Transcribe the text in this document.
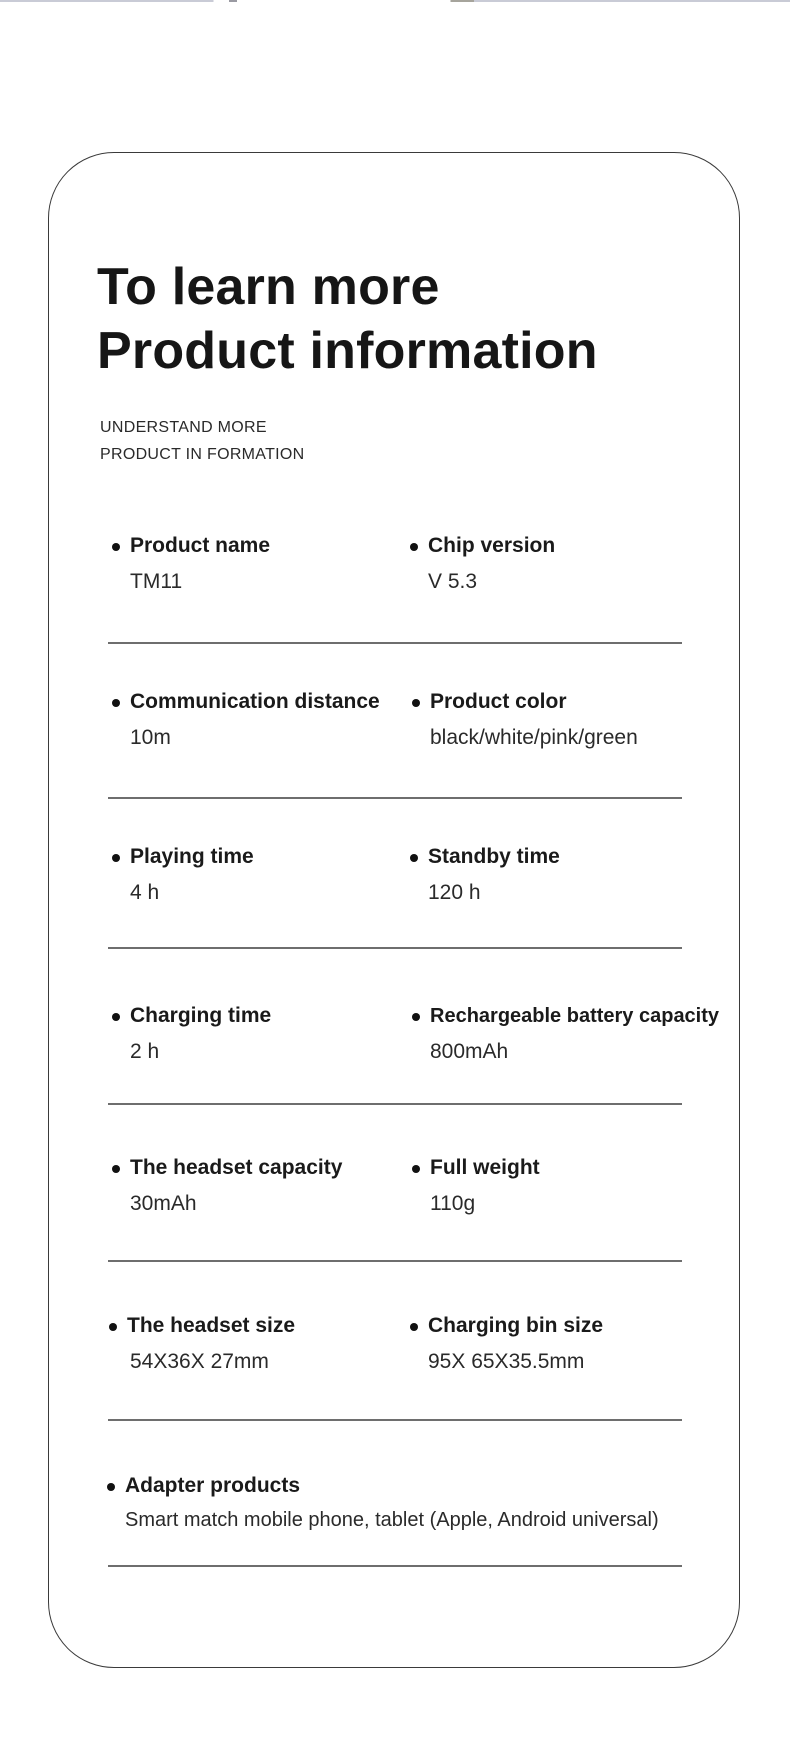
To learn more
Product information
UNDERSTAND MORE
PRODUCT IN FORMATION
Product name
TM11
Chip version
V 5.3
Communication distance
10m
Product color
black/white/pink/green
Playing time
4 h
Standby time
120 h
Charging time
2 h
Rechargeable battery capacity
800mAh
The headset capacity
30mAh
Full weight
110g
The headset size
54X36X 27mm
Charging bin size
95X 65X35.5mm
Adapter products
Smart match mobile phone, tablet (Apple, Android universal)
